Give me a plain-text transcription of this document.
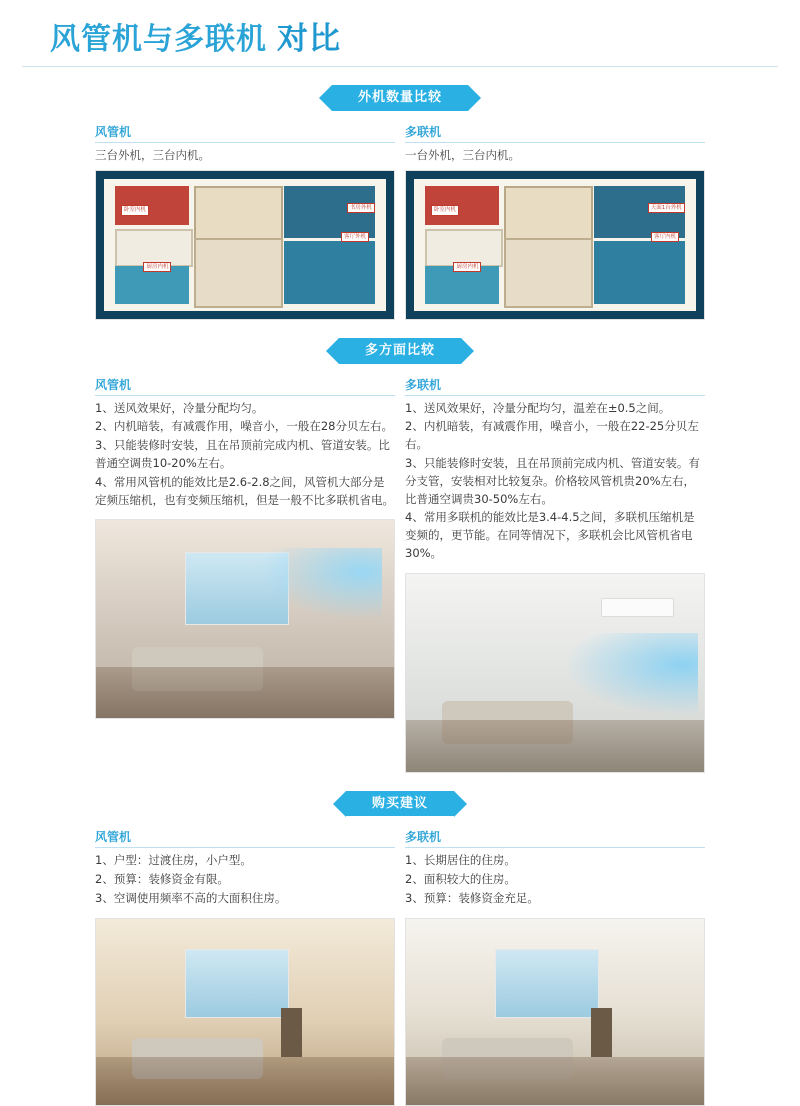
风管机与多联机 对比
外机数量比较
风管机
三台外机，三台内机。
卧室内机	书房外机
客厅外机
厨房内机
多联机
一台外机，三台内机。
卧室内机	天面1台外机
客厅内机
厨房内机
多方面比较
风管机
1、送风效果好，冷量分配均匀。
2、内机暗装，有减震作用，噪音小，一般在28分贝左右。
3、只能装修时安装，且在吊顶前完成内机、管道安装。比普通空调贵10-20%左右。
4、常用风管机的能效比是2.6-2.8之间，风管机大部分是定频压缩机，也有变频压缩机，但是一般不比多联机省电。
多联机
1、送风效果好，冷量分配均匀，温差在±0.5之间。
2、内机暗装，有减震作用，噪音小，一般在22-25分贝左右。
3、只能装修时安装，且在吊顶前完成内机、管道安装。有分支管，安装相对比较复杂。价格较风管机贵20%左右，比普通空调贵30-50%左右。
4、常用多联机的能效比是3.4-4.5之间，多联机压缩机是变频的，更节能。在同等情况下，多联机会比风管机省电30%。
购买建议
风管机
1、户型：过渡住房，小户型。
2、预算：装修资金有限。
3、空调使用频率不高的大面积住房。
多联机
1、长期居住的住房。
2、面积较大的住房。
3、预算：装修资金充足。
